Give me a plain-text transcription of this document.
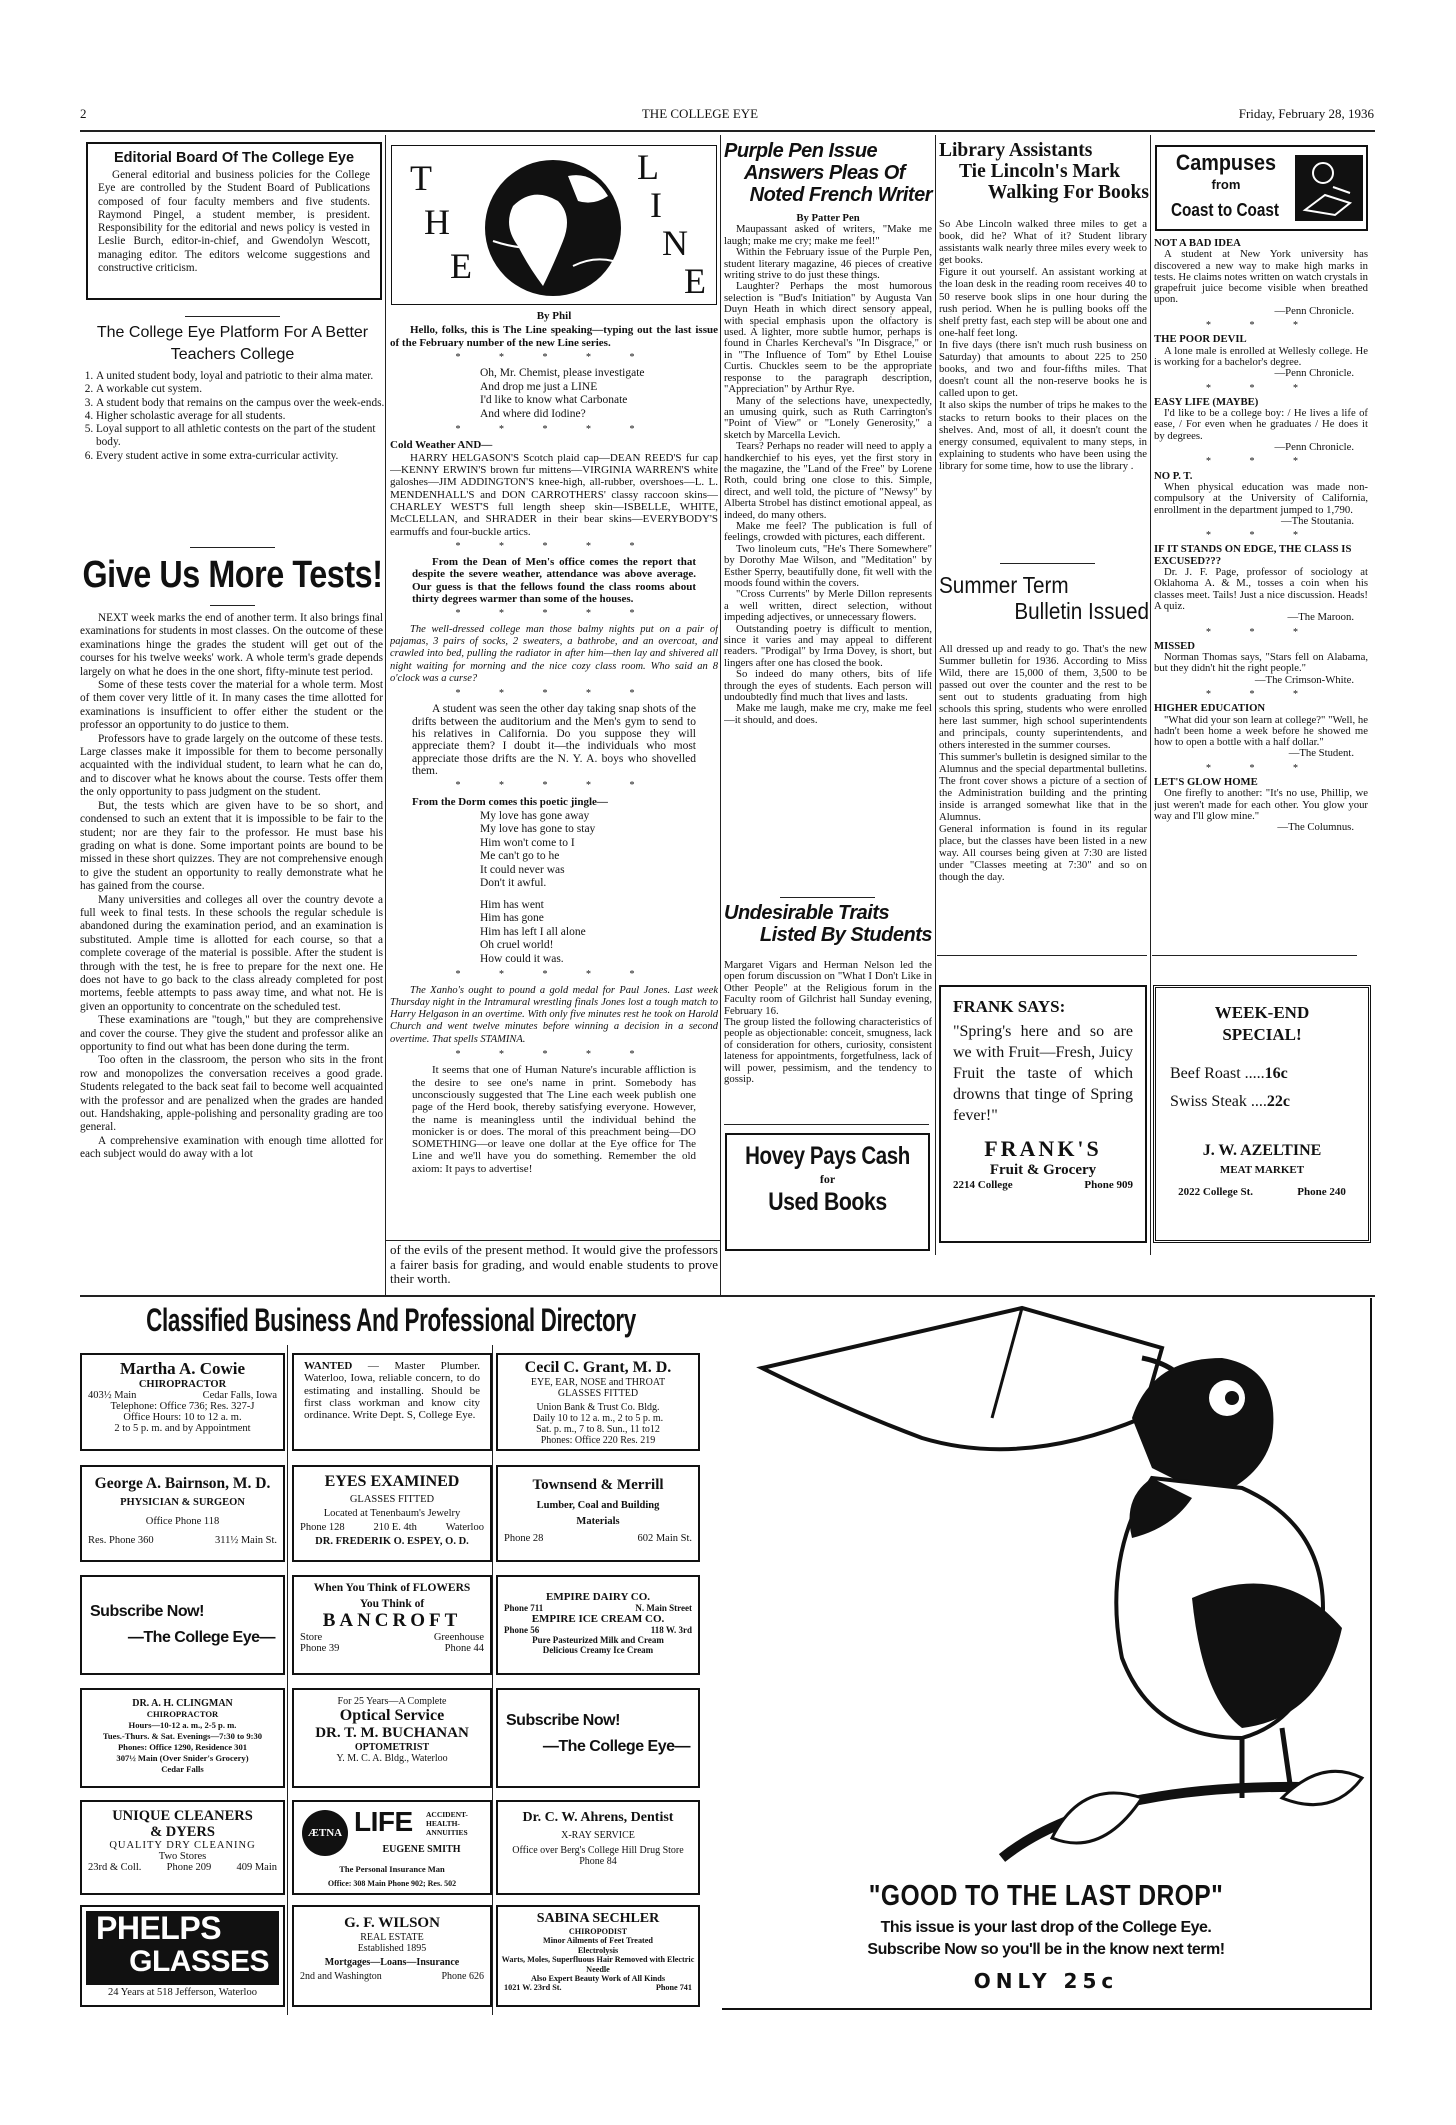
2	THE COLLEGE EYE	Friday, February 28, 1936
Editorial Board Of The College Eye
General editorial and business policies for the College Eye are controlled by the Student Board of Publications composed of four faculty members and five students. Raymond Pingel, a student member, is president. Responsibility for the editorial and news policy is vested in Leslie Burch, editor-in-chief, and Gwendolyn Wescott, managing editor. The editors welcome suggestions and constructive criticism.
The College Eye Platform For A Better Teachers College
1. A united student body, loyal and patriotic to their alma mater.
2. A workable cut system.
3. A student body that remains on the campus over the week-ends.
4. Higher scholastic average for all students.
5. Loyal support to all athletic contests on the part of the student body.
6. Every student active in some extra-curricular activity.
Give Us More Tests!

NEXT week marks the end of another term. It also brings final examinations for students in most classes. On the outcome of these examinations hinge the grades the student will get out of the courses for his twelve weeks' work. A whole term's grade depends largely on what he does in the one short, fifty-minute test period.

Some of these tests cover the material for a whole term. Most of them cover very little of it. In many cases the time allotted for examinations is insufficient to offer either the student or the professor an opportunity to do justice to them.

Professors have to grade largely on the outcome of these tests. Large classes make it impossible for them to become personally acquainted with the individual student, to learn what he can do, and to discover what he knows about the course. Tests offer them the only opportunity to pass judgment on the student.

But, the tests which are given have to be so short, and condensed to such an extent that it is impossible to be fair to the student; nor are they fair to the professor. He must base his grading on what is done. Some important points are bound to be missed in these short quizzes. They are not comprehensive enough to give the student an opportunity to really demonstrate what he has gained from the course.

Many universities and colleges all over the country devote a full week to final tests. In these schools the regular schedule is abandoned during the examination period, and an examination is substituted. Ample time is allotted for each course, so that a complete coverage of the material is possible. After the student is through with the test, he is free to prepare for the next one. He does not have to go back to the class already completed for post mortems, feeble attempts to pass away time, and what not. He is given an opportunity to concentrate on the scheduled test.

These examinations are "tough," but they are comprehensive and cover the course. They give the student and professor alike an opportunity to find out what has been done during the term.

Too often in the classroom, the person who sits in the front row and monopolizes the conversation receives a good grade. Students relegated to the back seat fail to become well acquainted with the professor and are penalized when the grades are handed out. Handshaking, apple-polishing and personality grading are too general.

A comprehensive examination with enough time allotted for each subject would do away with a lot

of the evils of the present method. It would give the professors a fairer basis for grading, and would enable students to prove their worth.
T
H
E
L
I
N
E
By Phil

Hello, folks, this is The Line speaking—typing out the last issue of the February number of the new Line series.

* * * * *
Oh, Mr. Chemist, please investigate
And drop me just a LINE
I'd like to know what Carbonate
And where did Iodine?
* * * * *
Cold Weather AND—

HARRY HELGASON'S Scotch plaid cap—DEAN REED'S fur cap—KENNY ERWIN'S brown fur mittens—VIRGINIA WARREN'S white galoshes—JIM ADDINGTON'S knee-high, all-rubber, overshoes—L. L. MENDENHALL'S and DON CARROTHERS' classy raccoon skins—CHARLEY WEST'S full length sheep skin—ISBELLE, WHITE, McCLELLAN, and SHRADER in their bear skins—EVERYBODY'S earmuffs and four-buckle artics.

* * * * *

From the Dean of Men's office comes the report that despite the severe weather, attendance was above average. Our guess is that the fellows found the class rooms about thirty degrees warmer than some of the houses.

* * * * *

The well-dressed college man those balmy nights put on a pair of pajamas, 3 pairs of socks, 2 sweaters, a bathrobe, and an overcoat, and crawled into bed, pulling the radiator in after him—then lay and shivered all night waiting for morning and the nice cozy class room. Who said an 8 o'clock was a curse?

* * * * *

A student was seen the other day taking snap shots of the drifts between the auditorium and the Men's gym to send to his relatives in California. Do you suppose they will appreciate them? I doubt it—the individuals who most appreciate those drifts are the N. Y. A. boys who shovelled them.

* * * * *
From the Dorm comes this poetic jingle—
My love has gone away
My love has gone to stay
Him won't come to I
Me can't go to he
It could never was
Don't it awful.
Him has went
Him has gone
Him has left I all alone
Oh cruel world!
How could it was.
* * * * *

The Xanho's ought to pound a gold medal for Paul Jones. Last week Thursday night in the Intramural wrestling finals Jones lost a tough match to Harry Helgason in an overtime. With only five minutes rest he took on Harold Church and went twelve minutes before winning a decision in a second overtime. That spells STAMINA.

* * * * *

It seems that one of Human Nature's incurable affliction is the desire to see one's name in print. Somebody has unconsciously suggested that The Line each week publish one page of the Herd book, thereby satisfying everyone. However, the name is meaningless until the individual behind the monicker is or does. The moral of this preachment being—DO SOMETHING—or leave one dollar at the Eye office for The Line and we'll have you do something. Remember the old axiom: It pays to advertise!

Purple Pen Issue
Answers Pleas Of
Noted French Writer
By Patter Pen

Maupassant asked of writers, "Make me laugh; make me cry; make me feel!"

Within the February issue of the Purple Pen, student literary magazine, 46 pieces of creative writing strive to do just these things.

Laughter? Perhaps the most humorous selection is "Bud's Initiation" by Augusta Van Duyn Heath in which direct sensory appeal, with special emphasis upon the olfactory is used. A lighter, more subtle humor, perhaps is found in Charles Kercheval's "In Disgrace," or in "The Influence of Tom" by Ethel Louise Curtis. Chuckles seem to be the appropriate response to the paragraph description, "Appreciation" by Arthur Rye.

Many of the selections have, unexpectedly, an umusing quirk, such as Ruth Carrington's "Point of View" or "Lonely Generosity," a sketch by Marcella Levich.

Tears? Perhaps no reader will need to apply a handkerchief to his eyes, yet the first story in the magazine, the "Land of the Free" by Lorene Roth, could bring one close to this. Simple, direct, and well told, the picture of "Newsy" by Alberta Strobel has distinct emotional appeal, as indeed, do many others.

Make me feel? The publication is full of feelings, crowded with pictures, each different.

Two linoleum cuts, "He's There Somewhere" by Dorothy Mae Wilson, and "Meditation" by Esther Sperry, beautifully done, fit well with the moods found within the covers.

"Cross Currents" by Merle Dillon represents a well written, direct selection, without impeding adjectives, or unnecessary flowers.

Outstanding poetry is difficult to mention, since it varies and may appeal to different readers. "Prodigal" by Irma Dovey, is short, but lingers after one has closed the book.

So indeed do many others, bits of life through the eyes of students. Each person will undoubtedly find much that lives and lasts.

Make me laugh, make me cry, make me feel—it should, and does.

Undesirable Traits
Listed By Students

Margaret Vigars and Herman Nelson led the open forum discussion on "What I Don't Like in Other People" at the Religious forum in the Faculty room of Gilchrist hall Sunday evening, February 16.

The group listed the following characteristics of people as objectionable: conceit, smugness, lack of consideration for others, curiosity, consistent lateness for appointments, forgetfulness, lack of will power, pessimism, and the tendency to gossip.

Hovey Pays Cash
for
Used Books
Library Assistants
Tie Lincoln's Mark
Walking For Books

So Abe Lincoln walked three miles to get a book, did he? What of it? Student library assistants walk nearly three miles every week to get books.

Figure it out yourself. An assistant working at the loan desk in the reading room receives 40 to 50 reserve book slips in one hour during the rush period. When he is pulling books off the shelf pretty fast, each step will be about one and one-half feet long.

In five days (there isn't much rush business on Saturday) that amounts to about 225 to 250 books, and two and four-fifths miles. That doesn't count all the non-reserve books he is called upon to get.

It also skips the number of trips he makes to the stacks to return books to their places on the shelves. And, most of all, it doesn't count the energy consumed, equivalent to many steps, in explaining to students who have been using the library for some time, how to use the library .

Summer Term
Bulletin Issued

All dressed up and ready to go. That's the new Summer bulletin for 1936. According to Miss Wild, there are 15,000 of them, 3,500 to be passed out over the counter and the rest to be sent out to students graduating from high schools this spring, students who were enrolled here last summer, high school superintendents and principals, county superintendents, and others interested in the summer courses.

This summer's bulletin is designed similar to the Alumnus and the special departmental bulletins. The front cover shows a picture of a section of the Administration building and the printing inside is arranged somewhat like that in the Alumnus.

General information is found in its regular place, but the classes have been listed in a new way. All courses being given at 7:30 are listed under "Classes meeting at 7:30" and so on though the day.

FRANK SAYS:
"Spring's here and so are we with Fruit—Fresh, Juicy Fruit the taste of which drowns that tinge of Spring fever!"
FRANK'S
Fruit & Grocery
2214 College	Phone 909
Campuses
from
Coast to Coast
NOT A BAD IDEA
A student at New York university has discovered a new way to make high marks in tests. He claims notes written on watch crystals in grapefruit juice become visible when breathed upon.
—Penn Chronicle.
* * *
THE POOR DEVIL
A lone male is enrolled at Wellesly college. He is working for a bachelor's degree.
—Penn Chronicle.
* * *
EASY LIFE (MAYBE)
I'd like to be a college boy: / He lives a life of ease, / For even when he graduates / He does it by degrees.
—Penn Chronicle.
* * *
NO P. T.
When physical education was made non-compulsory at the University of California, enrollment in the department jumped to 1,790.
—The Stoutania.
* * *
IF IT STANDS ON EDGE, THE CLASS IS EXCUSED???
Dr. J. F. Page, professor of sociology at Oklahoma A. & M., tosses a coin when his classes meet. Tails! Just a nice discussion. Heads! A quiz.
—The Maroon.
* * *
MISSED
Norman Thomas says, "Stars fell on Alabama, but they didn't hit the right people."
—The Crimson-White.
* * *
HIGHER EDUCATION
"What did your son learn at college?" "Well, he hadn't been home a week before he showed me how to open a bottle with a half dollar."
—The Student.
* * *
LET'S GLOW HOME
One firefly to another: "It's no use, Phillip, we just weren't made for each other. You glow your way and I'll glow mine."
—The Columnus.
WEEK-END SPECIAL!
Beef Roast .....16c
Swiss Steak ....22c
J. W. AZELTINE
MEAT MARKET
2022 College St.	Phone 240
Classified Business And Professional Directory
Martha A. Cowie
CHIROPRACTOR
403½ Main	Cedar Falls, Iowa
Telephone: Office 736; Res. 327-J
Office Hours: 10 to 12 a. m.
2 to 5 p. m. and by Appointment
WANTED — Master Plumber. Waterloo, Iowa, reliable concern, to do estimating and installing. Should be first class workman and know city ordinance. Write Dept. S, College Eye.
Cecil C. Grant, M. D.
EYE, EAR, NOSE and THROAT
GLASSES FITTED
Union Bank & Trust Co. Bldg.
Daily 10 to 12 a. m., 2 to 5 p. m.
Sat. p. m., 7 to 8. Sun., 11 to12
Phones: Office 220 Res. 219
George A. Bairnson, M. D.
PHYSICIAN & SURGEON
Office Phone 118
Res. Phone 360	311½ Main St.
EYES EXAMINED
GLASSES FITTED
Located at Tenenbaum's Jewelry
Phone 128	210 E. 4th	Waterloo
DR. FREDERIK O. ESPEY, O. D.
Townsend & Merrill
Lumber, Coal and Building
Materials
Phone 28	602 Main St.
Subscribe Now!
—The College Eye—
When You Think of FLOWERS
You Think of
BANCROFT
Store	Greenhouse
Phone 39	Phone 44
EMPIRE DAIRY CO.
Phone 711	N. Main Street
EMPIRE ICE CREAM CO.
Phone 56	118 W. 3rd
Pure Pasteurized Milk and Cream
Delicious Creamy Ice Cream
DR. A. H. CLINGMAN
CHIROPRACTOR
Hours—10-12 a. m., 2-5 p. m.
Tues.-Thurs. & Sat. Evenings—7:30 to 9:30
Phones: Office 1290, Residence 301
307½ Main (Over Snider's Grocery)
Cedar Falls
For 25 Years—A Complete
Optical Service
DR. T. M. BUCHANAN
OPTOMETRIST
Y. M. C. A. Bldg., Waterloo
Subscribe Now!
—The College Eye—
UNIQUE CLEANERS
& DYERS
QUALITY DRY CLEANING
Two Stores
23rd & Coll. Phone 209 409 Main
ÆTNA LIFE ACCIDENT-HEALTH-ANNUITIES
EUGENE SMITH
The Personal Insurance Man
Office: 308 Main Phone 902; Res. 502
Dr. C. W. Ahrens, Dentist
X-RAY SERVICE
Office over Berg's College Hill Drug Store
Phone 84
PHELPS
GLASSES
24 Years at 518 Jefferson, Waterloo
G. F. WILSON
REAL ESTATE
Established 1895
Mortgages—Loans—Insurance
2nd and Washington	Phone 626
SABINA SECHLER
CHIROPODIST
Minor Ailments of Feet Treated
Electrolysis
Warts, Moles, Superfluous Hair Removed with Electric Needle
Also Expert Beauty Work of All Kinds
1021 W. 23rd St.	Phone 741
"GOOD TO THE LAST DROP"
This issue is your last drop of the College Eye.
Subscribe Now so you'll be in the know next term!
ONLY 25c
